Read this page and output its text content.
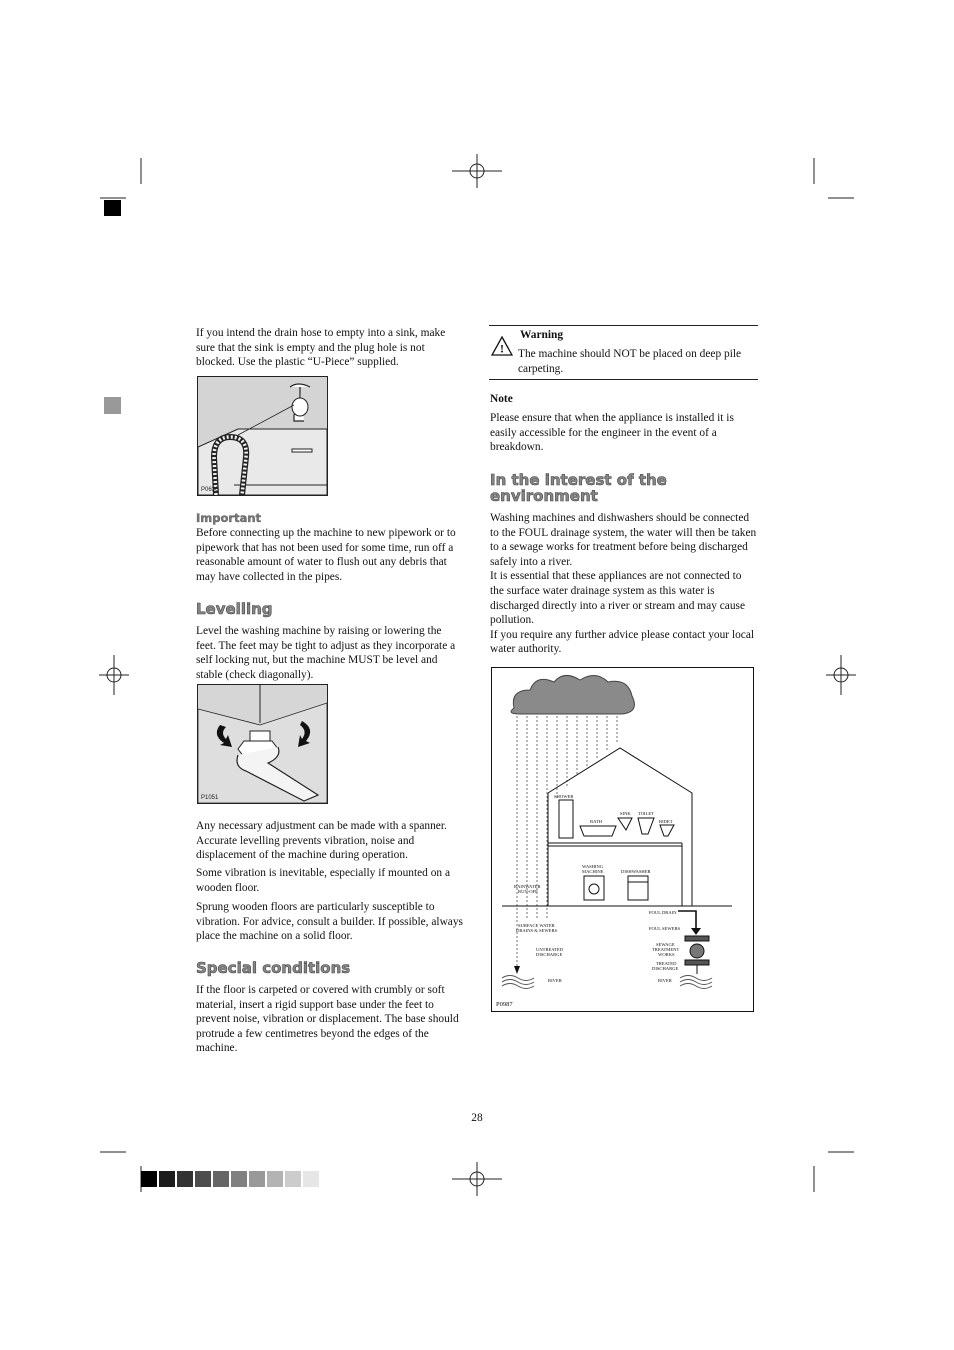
If you intend the drain hose to empty into a sink, make sure that the sink is empty and the plug hole is not blocked. Use the plastic “U-Piece” supplied.

P0636
Important

Before connecting up the machine to new pipework or to pipework that has not been used for some time, run off a reasonable amount of water to flush out any debris that may have collected in the pipes.

Levelling

Level the washing machine by raising or lowering the feet. The feet may be tight to adjust as they incorporate a self locking nut, but the machine MUST be level and stable (check diagonally).

P1051

Any necessary adjustment can be made with a spanner. Accurate levelling prevents vibration, noise and displacement of the machine during operation.

Some vibration is inevitable, especially if mounted on a wooden floor.

Sprung wooden floors are particularly susceptible to vibration. For advice, consult a builder. If possible, always place the machine on a solid floor.

Special conditions

If the floor is carpeted or covered with crumbly or soft material, insert a rigid support base under the feet to prevent noise, vibration or displacement. The base should protrude a few centimetres beyond the edges of the machine.

!
Warning

The machine should NOT be placed on deep pile carpeting.

Note

Please ensure that when the appliance is installed it is easily accessible for the engineer in the event of a breakdown.

In the interest of the
environment

Washing machines and dishwashers should be connected to the FOUL drainage system, the water will then be taken to a sewage works for treatment before being discharged safely into a river.

It is essential that these appliances are not connected to the surface water drainage system as this water is discharged directly into a river or stream and may cause pollution.

If you require any further advice please contact your local water authority.

SHOWER
BATH
SINK TOILET
BIDET
WASHING
MACHINE	DISHWASHER
RAINWATER
RUN-OFF
FOUL DRAIN
SURFACE WATER
DRAINS & SEWERS	FOUL SEWERS
SEWAGE
TREATMENT
WORKS
UNTREATED
DISCHARGE
TREATED
DISCHARGE
RIVER	RIVER
P0987
28
